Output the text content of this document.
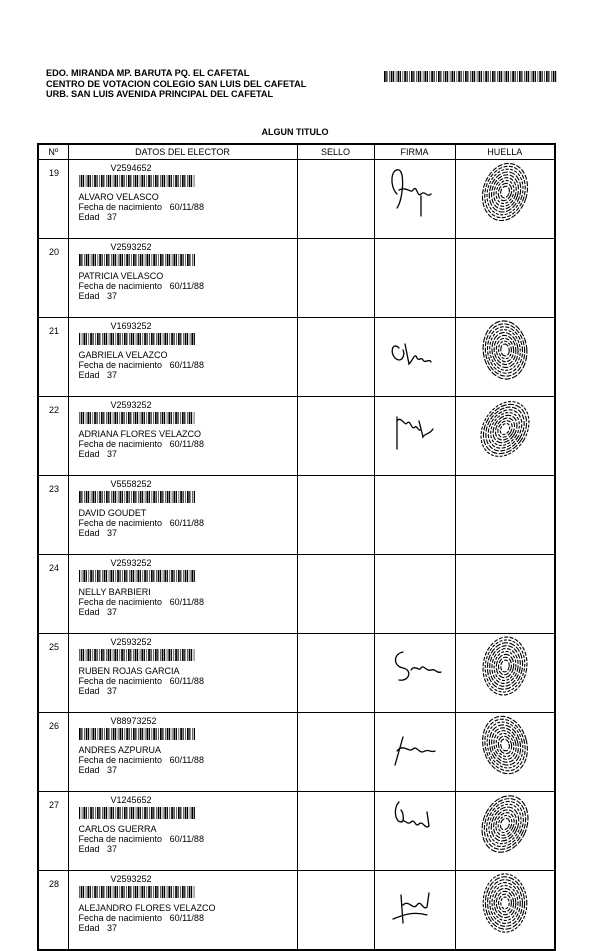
EDO. MIRANDA MP. BARUTA PQ. EL CAFETAL
CENTRO DE VOTACION COLEGIO SAN LUIS DEL CAFETAL
URB. SAN LUIS AVENIDA PRINCIPAL DEL CAFETAL
ALGUN TITULO
Nº	DATOS DEL ELECTOR	SELLO	FIRMA	HUELLA
19	V2594652
ALVARO VELASCO
Fecha de nacimiento 60/11/88
Edad 37

20	V2593252
PATRICIA VELASCO
Fecha de nacimiento 60/11/88
Edad 37			

21	V1693252
GABRIELA VELAZCO
Fecha de nacimiento 60/11/88
Edad 37

22	V2593252
ADRIANA FLORES VELAZCO
Fecha de nacimiento 60/11/88
Edad 37

23	V5558252
DAVID GOUDET
Fecha de nacimiento 60/11/88
Edad 37			

24	V2593252
NELLY BARBIERI
Fecha de nacimiento 60/11/88
Edad 37			

25	V2593252
RUBEN ROJAS GARCIA
Fecha de nacimiento 60/11/88
Edad 37

26	V88973252
ANDRES AZPURUA
Fecha de nacimiento 60/11/88
Edad 37

27	V1245652
CARLOS GUERRA
Fecha de nacimiento 60/11/88
Edad 37

28	V2593252
ALEJANDRO FLORES VELAZCO
Fecha de nacimiento 60/11/88
Edad 37
